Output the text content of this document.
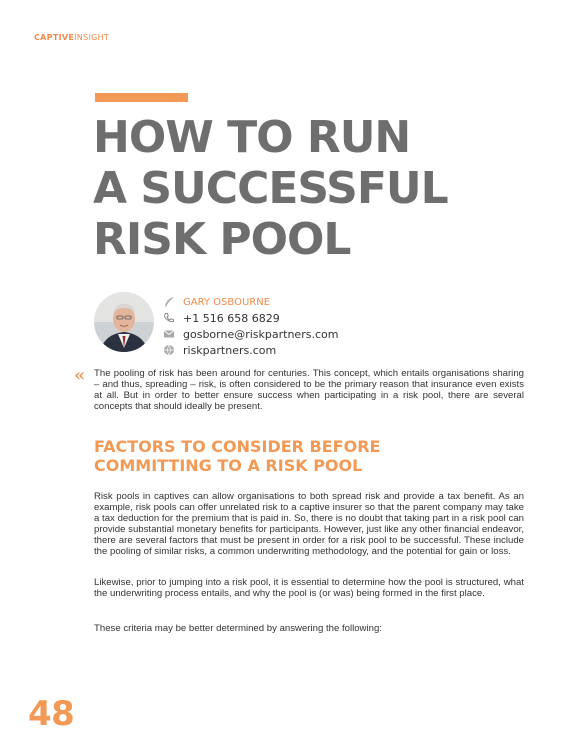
CAPTIVEINSIGHT
HOW TO RUN
A SUCCESSFUL
RISK POOL
GARY OSBOURNE
+1 516 658 6829
gosborne@riskpartners.com
riskpartners.com
« The pooling of risk has been around for centuries. This concept, which entails organisations sharing – and thus, spreading – risk, is often considered to be the primary reason that insurance even exists at all. But in order to better ensure success when participating in a risk pool, there are several concepts that should ideally be present.

FACTORS TO CONSIDER BEFORE
COMMITTING TO A RISK POOL

Risk pools in captives can allow organisations to both spread risk and provide a tax benefit. As an example, risk pools can offer unrelated risk to a captive insurer so that the parent company may take a tax deduction for the premium that is paid in. So, there is no doubt that taking part in a risk pool can provide substantial monetary benefits for participants. However, just like any other financial endeavor, there are several factors that must be present in order for a risk pool to be successful. These include the pooling of similar risks, a common underwriting methodology, and the potential for gain or loss.

Likewise, prior to jumping into a risk pool, it is essential to determine how the pool is structured, what the underwriting process entails, and why the pool is (or was) being formed in the first place.

These criteria may be better determined by answering the following:

48
